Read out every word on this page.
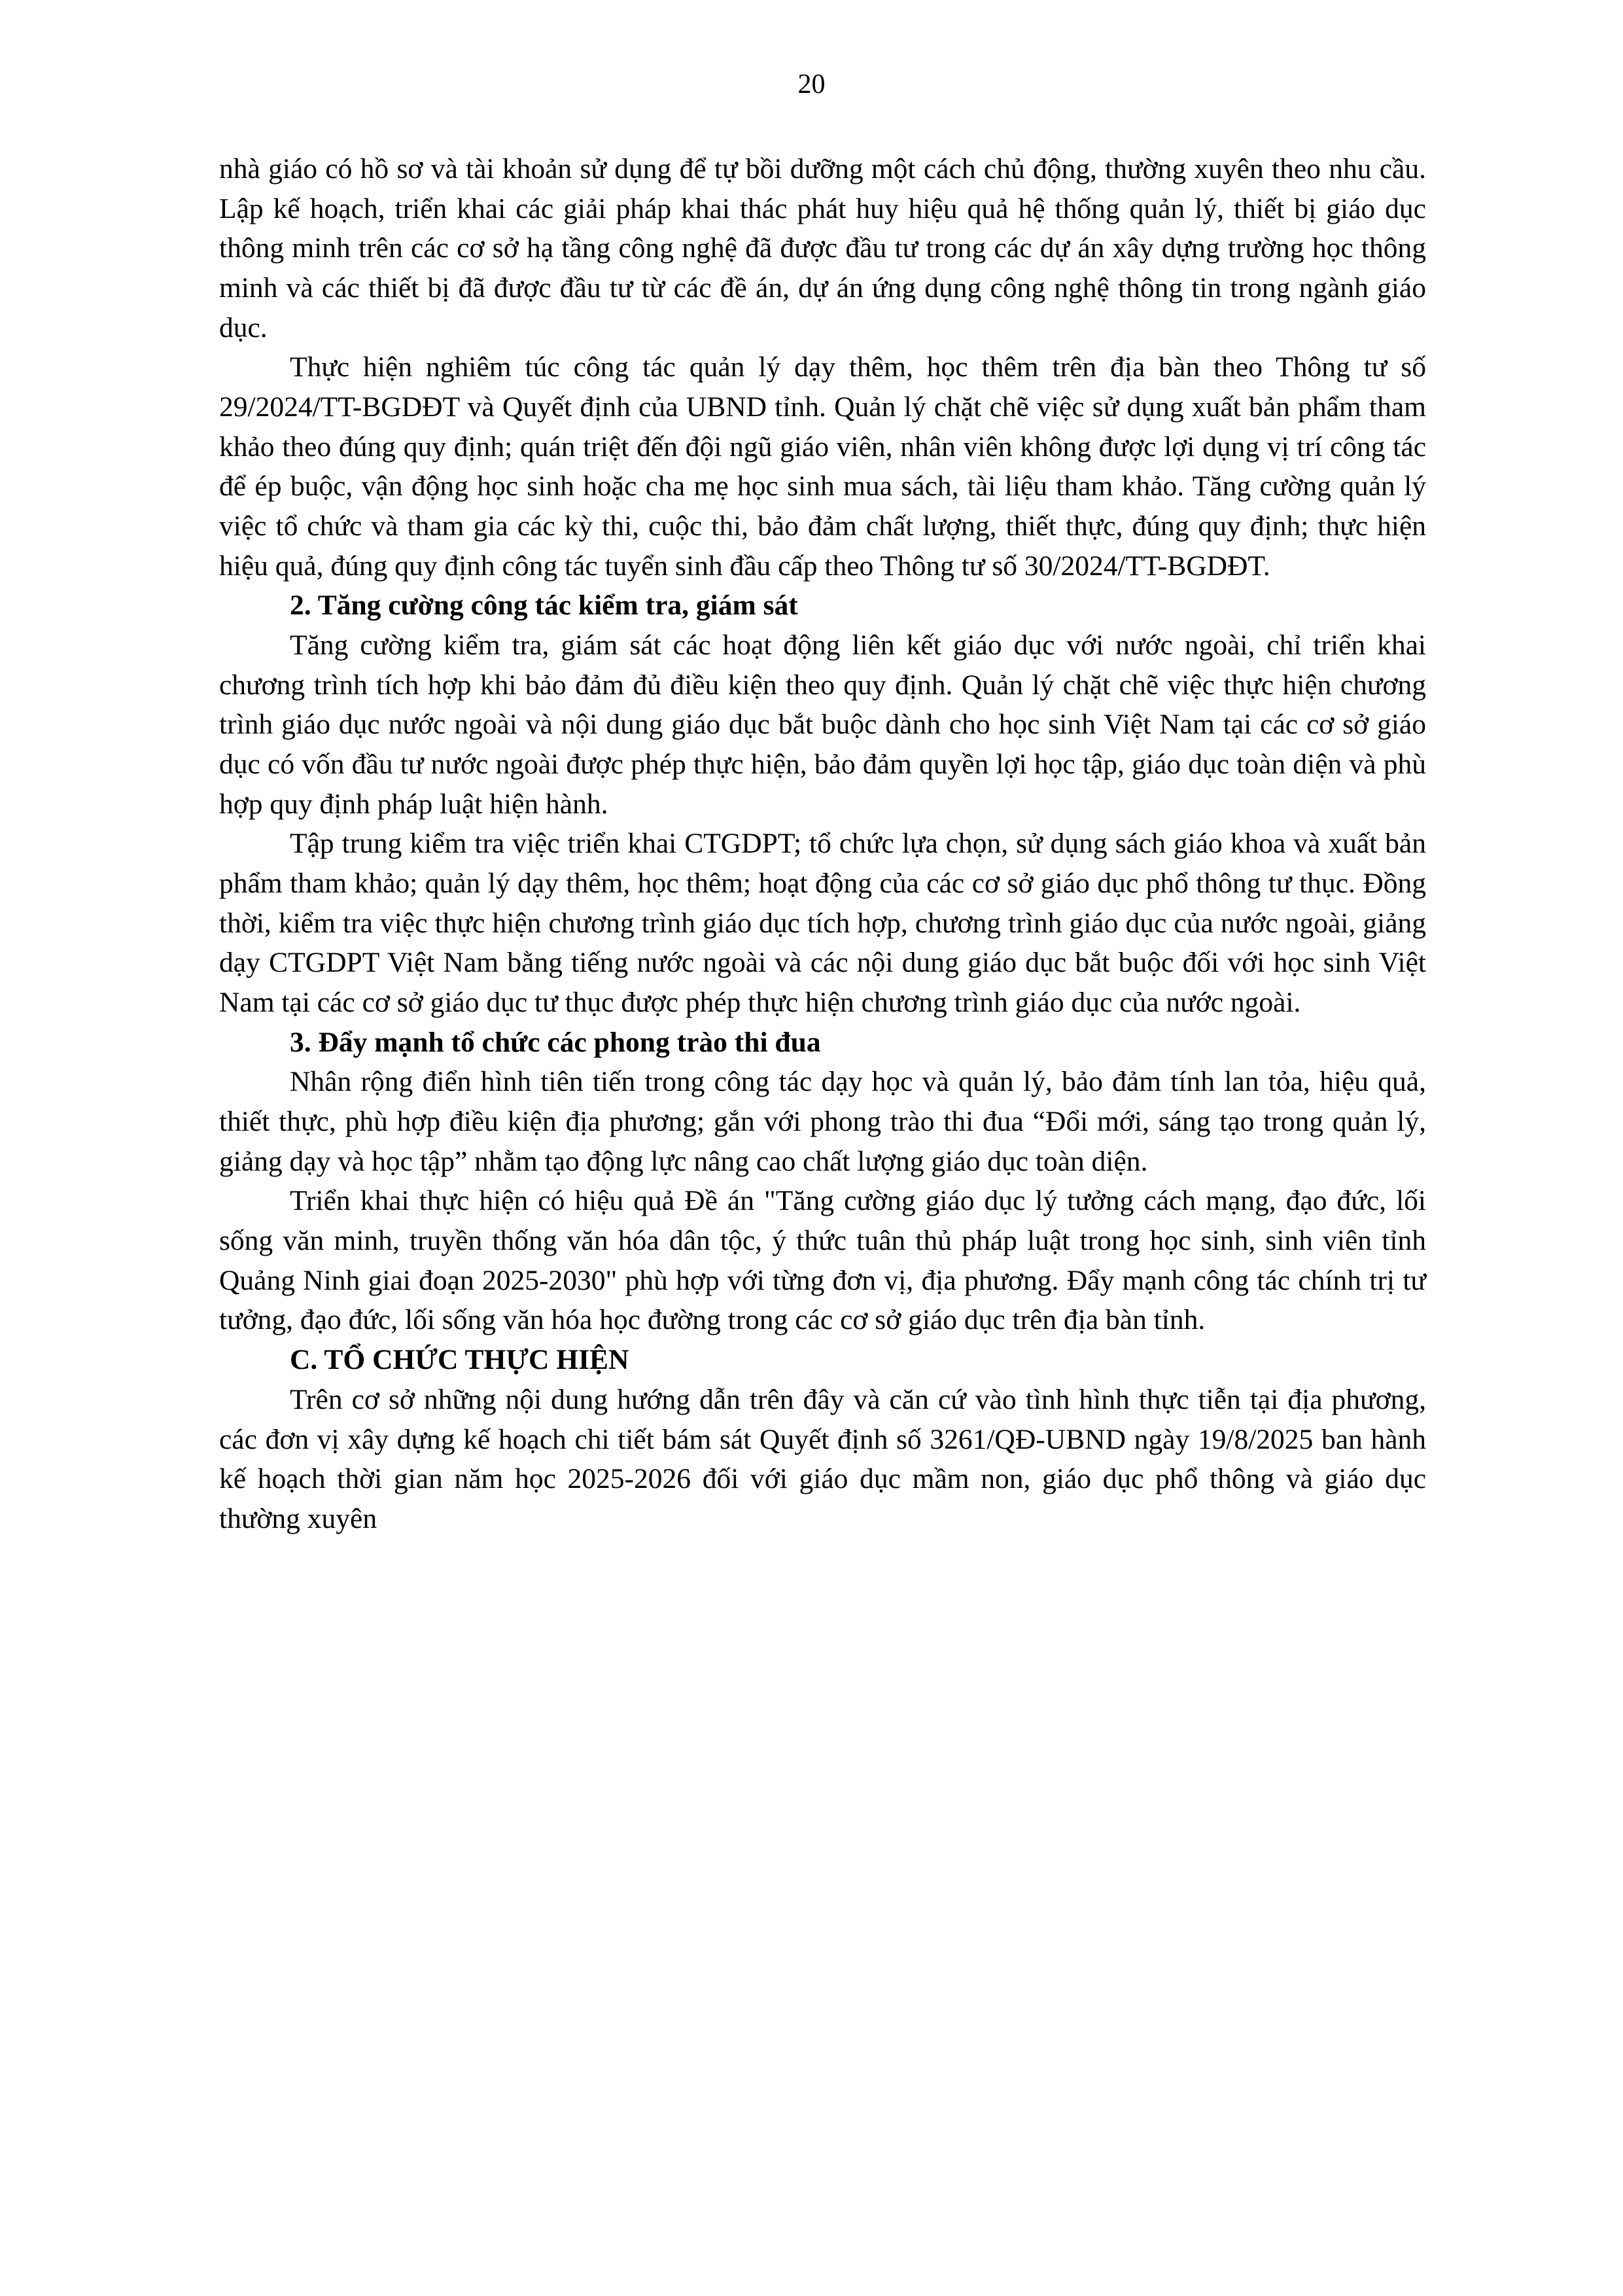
20

nhà giáo có hồ sơ và tài khoản sử dụng để tự bồi dưỡng một cách chủ động, thường xuyên theo nhu cầu. Lập kế hoạch, triển khai các giải pháp khai thác phát huy hiệu quả hệ thống quản lý, thiết bị giáo dục thông minh trên các cơ sở hạ tầng công nghệ đã được đầu tư trong các dự án xây dựng trường học thông minh và các thiết bị đã được đầu tư từ các đề án, dự án ứng dụng công nghệ thông tin trong ngành giáo dục.

Thực hiện nghiêm túc công tác quản lý dạy thêm, học thêm trên địa bàn theo Thông tư số 29/2024/TT-BGDĐT và Quyết định của UBND tỉnh. Quản lý chặt chẽ việc sử dụng xuất bản phẩm tham khảo theo đúng quy định; quán triệt đến đội ngũ giáo viên, nhân viên không được lợi dụng vị trí công tác để ép buộc, vận động học sinh hoặc cha mẹ học sinh mua sách, tài liệu tham khảo. Tăng cường quản lý việc tổ chức và tham gia các kỳ thi, cuộc thi, bảo đảm chất lượng, thiết thực, đúng quy định; thực hiện hiệu quả, đúng quy định công tác tuyển sinh đầu cấp theo Thông tư số 30/2024/TT-BGDĐT.

2. Tăng cường công tác kiểm tra, giám sát

Tăng cường kiểm tra, giám sát các hoạt động liên kết giáo dục với nước ngoài, chỉ triển khai chương trình tích hợp khi bảo đảm đủ điều kiện theo quy định. Quản lý chặt chẽ việc thực hiện chương trình giáo dục nước ngoài và nội dung giáo dục bắt buộc dành cho học sinh Việt Nam tại các cơ sở giáo dục có vốn đầu tư nước ngoài được phép thực hiện, bảo đảm quyền lợi học tập, giáo dục toàn diện và phù hợp quy định pháp luật hiện hành.

Tập trung kiểm tra việc triển khai CTGDPT; tổ chức lựa chọn, sử dụng sách giáo khoa và xuất bản phẩm tham khảo; quản lý dạy thêm, học thêm; hoạt động của các cơ sở giáo dục phổ thông tư thục. Đồng thời, kiểm tra việc thực hiện chương trình giáo dục tích hợp, chương trình giáo dục của nước ngoài, giảng dạy CTGDPT Việt Nam bằng tiếng nước ngoài và các nội dung giáo dục bắt buộc đối với học sinh Việt Nam tại các cơ sở giáo dục tư thục được phép thực hiện chương trình giáo dục của nước ngoài.

3. Đẩy mạnh tổ chức các phong trào thi đua

Nhân rộng điển hình tiên tiến trong công tác dạy học và quản lý, bảo đảm tính lan tỏa, hiệu quả, thiết thực, phù hợp điều kiện địa phương; gắn với phong trào thi đua “Đổi mới, sáng tạo trong quản lý, giảng dạy và học tập” nhằm tạo động lực nâng cao chất lượng giáo dục toàn diện.

Triển khai thực hiện có hiệu quả Đề án "Tăng cường giáo dục lý tưởng cách mạng, đạo đức, lối sống văn minh, truyền thống văn hóa dân tộc, ý thức tuân thủ pháp luật trong học sinh, sinh viên tỉnh Quảng Ninh giai đoạn 2025-2030" phù hợp với từng đơn vị, địa phương. Đẩy mạnh công tác chính trị tư tưởng, đạo đức, lối sống văn hóa học đường trong các cơ sở giáo dục trên địa bàn tỉnh.

C. TỔ CHỨC THỰC HIỆN

Trên cơ sở những nội dung hướng dẫn trên đây và căn cứ vào tình hình thực tiễn tại địa phương, các đơn vị xây dựng kế hoạch chi tiết bám sát Quyết định số 3261/QĐ-UBND ngày 19/8/2025 ban hành kế hoạch thời gian năm học 2025-2026 đối với giáo dục mầm non, giáo dục phổ thông và giáo dục thường xuyên
